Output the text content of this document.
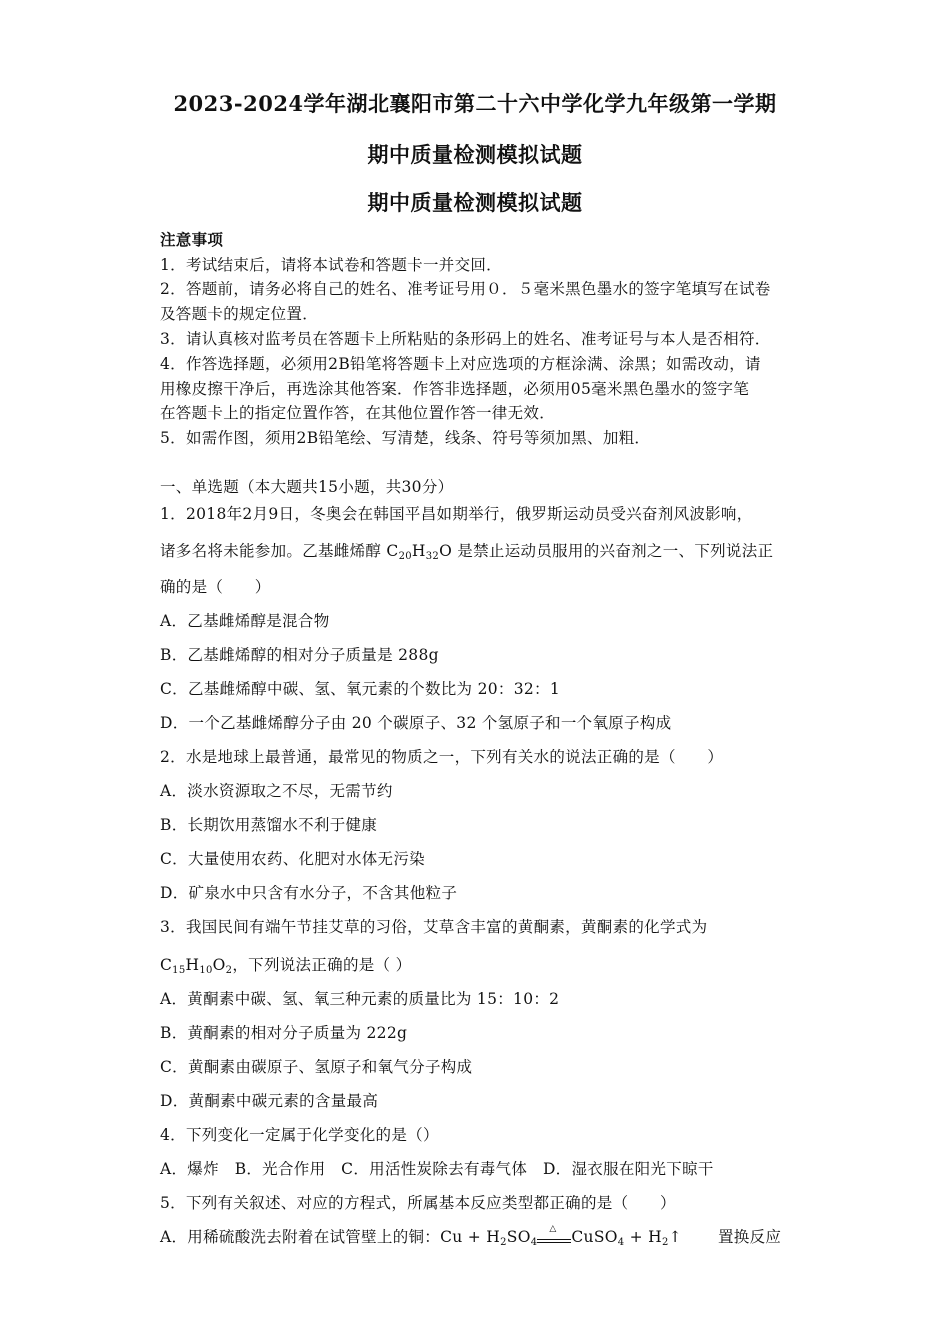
2023-2024学年湖北襄阳市第二十六中学化学九年级第一学期
期中质量检测模拟试题
期中质量检测模拟试题
注意事项
1．考试结束后，请将本试卷和答题卡一并交回．
2．答题前，请务必将自己的姓名、准考证号用０．５毫米黑色墨水的签字笔填写在试卷
及答题卡的规定位置．
3．请认真核对监考员在答题卡上所粘贴的条形码上的姓名、准考证号与本人是否相符．
4．作答选择题，必须用2B铅笔将答题卡上对应选项的方框涂满、涂黑；如需改动，请
用橡皮擦干净后，再选涂其他答案．作答非选择题，必须用05毫米黑色墨水的签字笔
在答题卡上的指定位置作答，在其他位置作答一律无效．
5．如需作图，须用2B铅笔绘、写清楚，线条、符号等须加黑、加粗．
一、单选题（本大题共15小题，共30分）
1．2018年2月9日，冬奥会在韩国平昌如期举行，俄罗斯运动员受兴奋剂风波影响，
诸多名将未能参加。乙基雌烯醇 $C_{20}H_{32}O$ 是禁止运动员服用的兴奋剂之一、下列说法正
确的是（　　）
A．乙基雌烯醇是混合物
B．乙基雌烯醇的相对分子质量是 288g
C．乙基雌烯醇中碳、氢、氧元素的个数比为 20：32：1
D．一个乙基雌烯醇分子由 20 个碳原子、32 个氢原子和一个氧原子构成
2．水是地球上最普通，最常见的物质之一，下列有关水的说法正确的是（　　）
A．淡水资源取之不尽，无需节约
B．长期饮用蒸馏水不利于健康
C．大量使用农药、化肥对水体无污染
D．矿泉水中只含有水分子，不含其他粒子
3．我国民间有端午节挂艾草的习俗，艾草含丰富的黄酮素，黄酮素的化学式为
$C_{15}H_{10}O_2$，下列说法正确的是（ ）
A．黄酮素中碳、氢、氧三种元素的质量比为 15：10：2
B．黄酮素的相对分子质量为 222g
C．黄酮素由碳原子、氢原子和氧气分子构成
D．黄酮素中碳元素的含量最高
4．下列变化一定属于化学变化的是（）
A．爆炸　B．光合作用　C．用活性炭除去有毒气体　D．湿衣服在阳光下晾干
5．下列有关叙述、对应的方程式，所属基本反应类型都正确的是（　　）
A．用稀硫酸洗去附着在试管壁上的铜：$Cu + H_2SO_4$
△ CuSO$_4$ + $H_2↑$ 置换反应
